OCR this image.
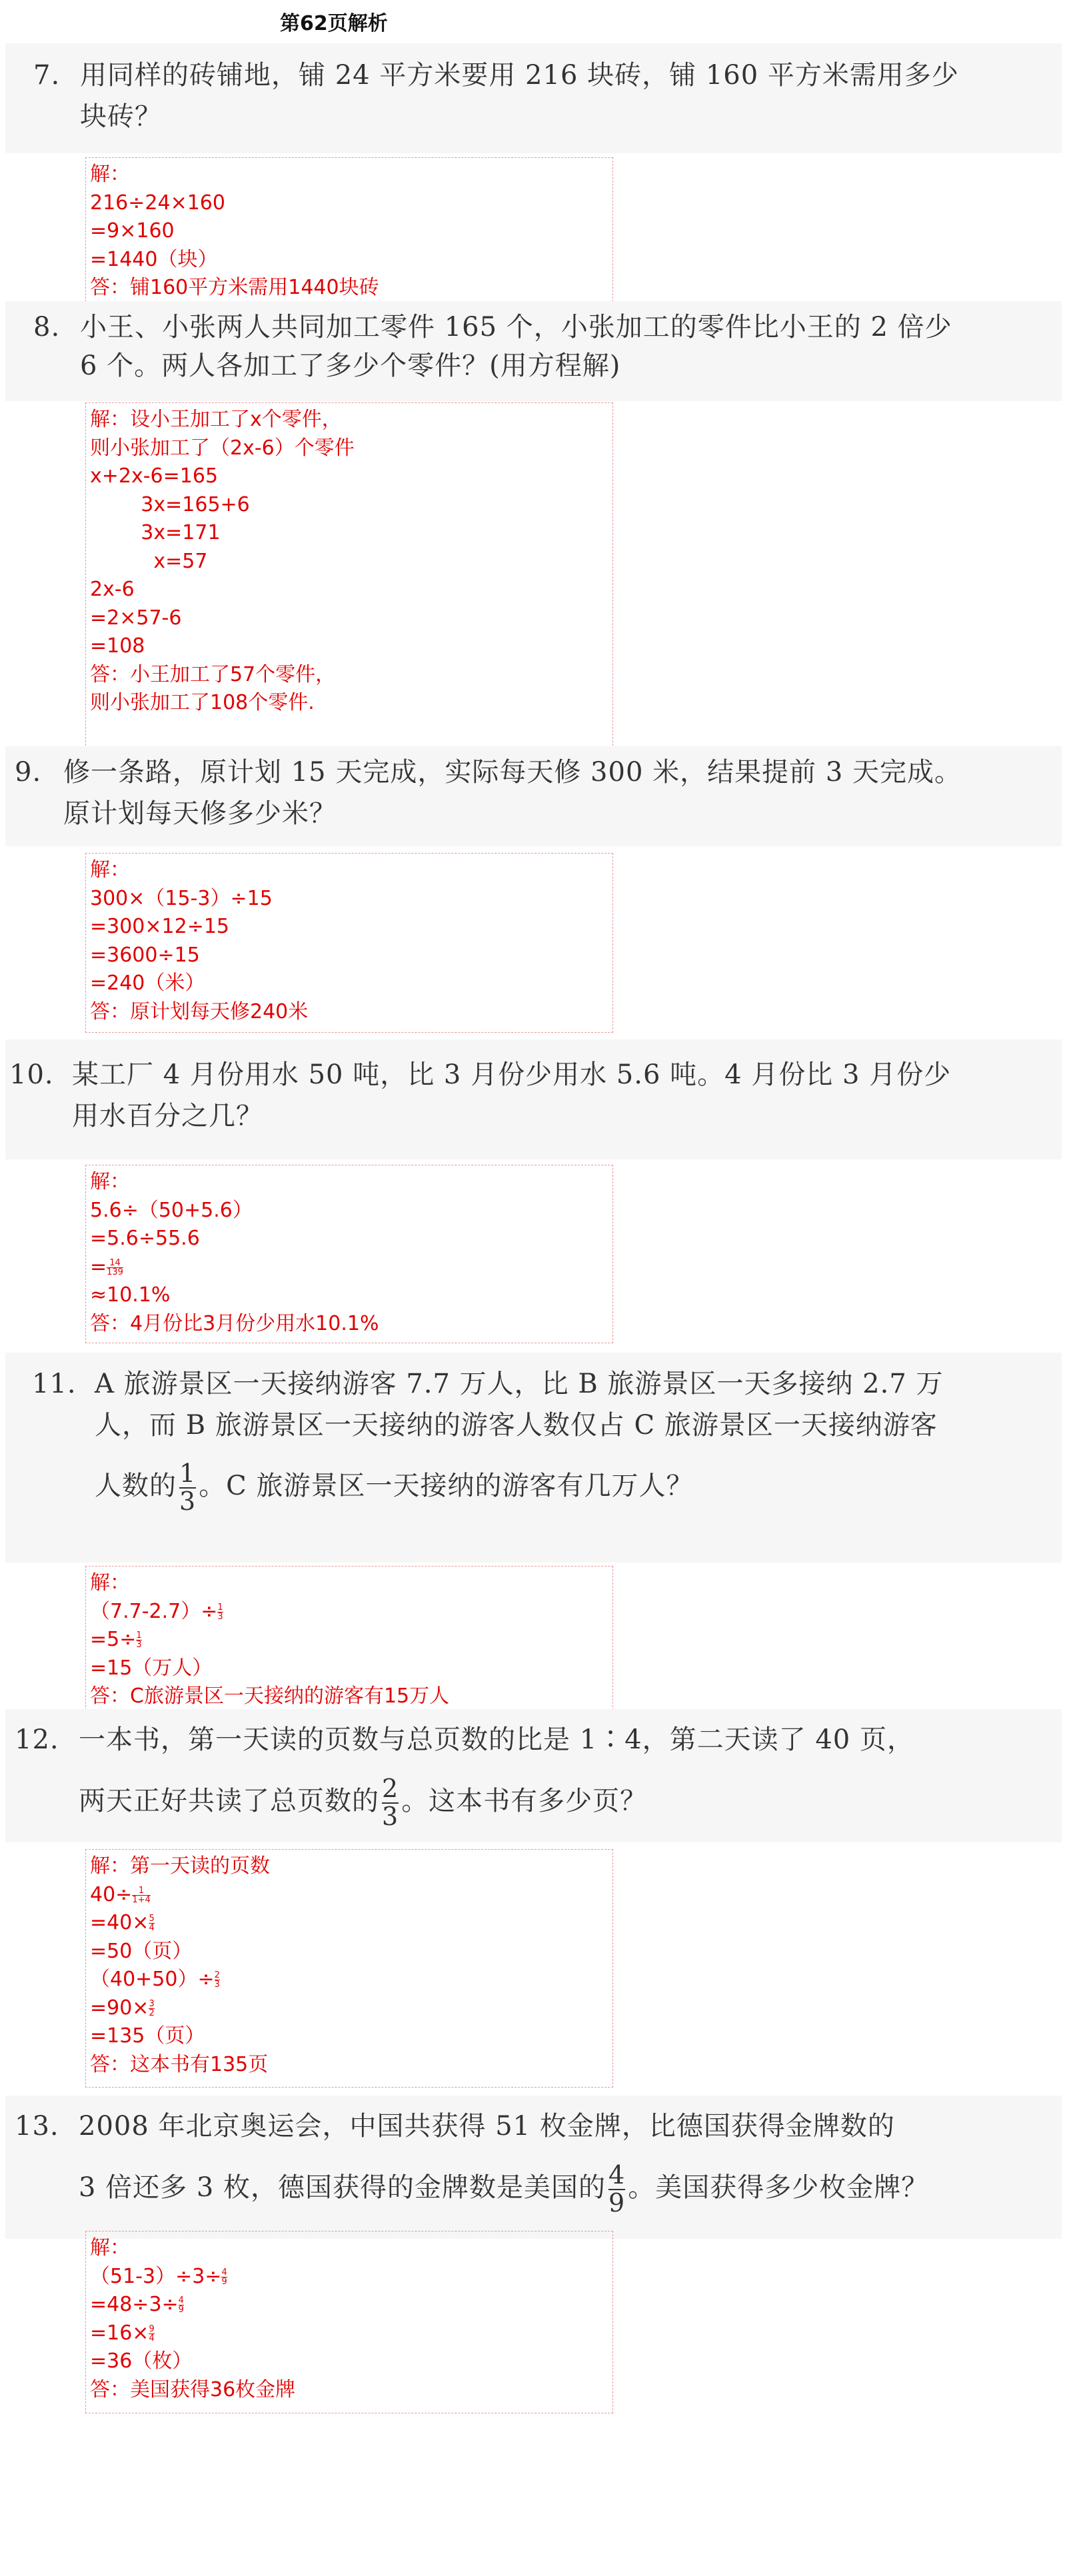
第62页解析
7. 用同样的砖铺地，铺 24 平方米要用 216 块砖，铺 160 平方米需用多少
块砖？
解：
216÷24×160
=9×160
=1440（块）
答：铺160平方米需用1440块砖
8. 小王、小张两人共同加工零件 165 个，小张加工的零件比小王的 2 倍少
6 个。两人各加工了多少个零件？(用方程解)
解：设小王加工了x个零件，
则小张加工了（2x-6）个零件
x+2x-6=165
3x=165+6
3x=171
x=57
2x-6
=2×57-6
=108
答：小王加工了57个零件，
则小张加工了108个零件.
9. 修一条路，原计划 15 天完成，实际每天修 300 米，结果提前 3 天完成。
原计划每天修多少米？
解：
300×（15-3）÷15
=300×12÷15
=3600÷15
=240（米）
答：原计划每天修240米
10. 某工厂 4 月份用水 50 吨，比 3 月份少用水 5.6 吨。4 月份比 3 月份少
用水百分之几？
解：
5.6÷（50+5.6）
=5.6÷55.6
= $\frac{14}{139}$
≈10.1%
答：4月份比3月份少用水10.1%
11. A 旅游景区一天接纳游客 7.7 万人，比 B 旅游景区一天多接纳 2.7 万
人，而 B 旅游景区一天接纳的游客人数仅占 C 旅游景区一天接纳游客
人数的 $\frac{1}{3}$ 。C 旅游景区一天接纳的游客有几万人？
解：
$(7.7-2.7)\div \frac{1}{3}$
$=5\div \frac{1}{3}$
=15（万人）
答：C旅游景区一天接纳的游客有15万人
12. 一本书，第一天读的页数与总页数的比是 1∶4，第二天读了 40 页，
两天正好共读了总页数的 $\frac{2}{3}$ 。这本书有多少页？
解：第一天读的页数
$40\div \frac{1}{1+4}$
$=40\times \frac{5}{4}$
=50（页）
$(40+50)\div \frac{2}{3}$
$=90\times \frac{3}{2}$
=135（页）
答：这本书有135页
13. 2008 年北京奥运会，中国共获得 51 枚金牌，比德国获得金牌数的
3 倍还多 3 枚，德国获得的金牌数是美国的 $\frac{4}{9}$ 。美国获得多少枚金牌？
解：
$(51-3)\div 3\div \frac{4}{9}$
$=48\div 3\div \frac{4}{9}$
$=16\times \frac{9}{4}$
=36（枚）
答：美国获得36枚金牌
